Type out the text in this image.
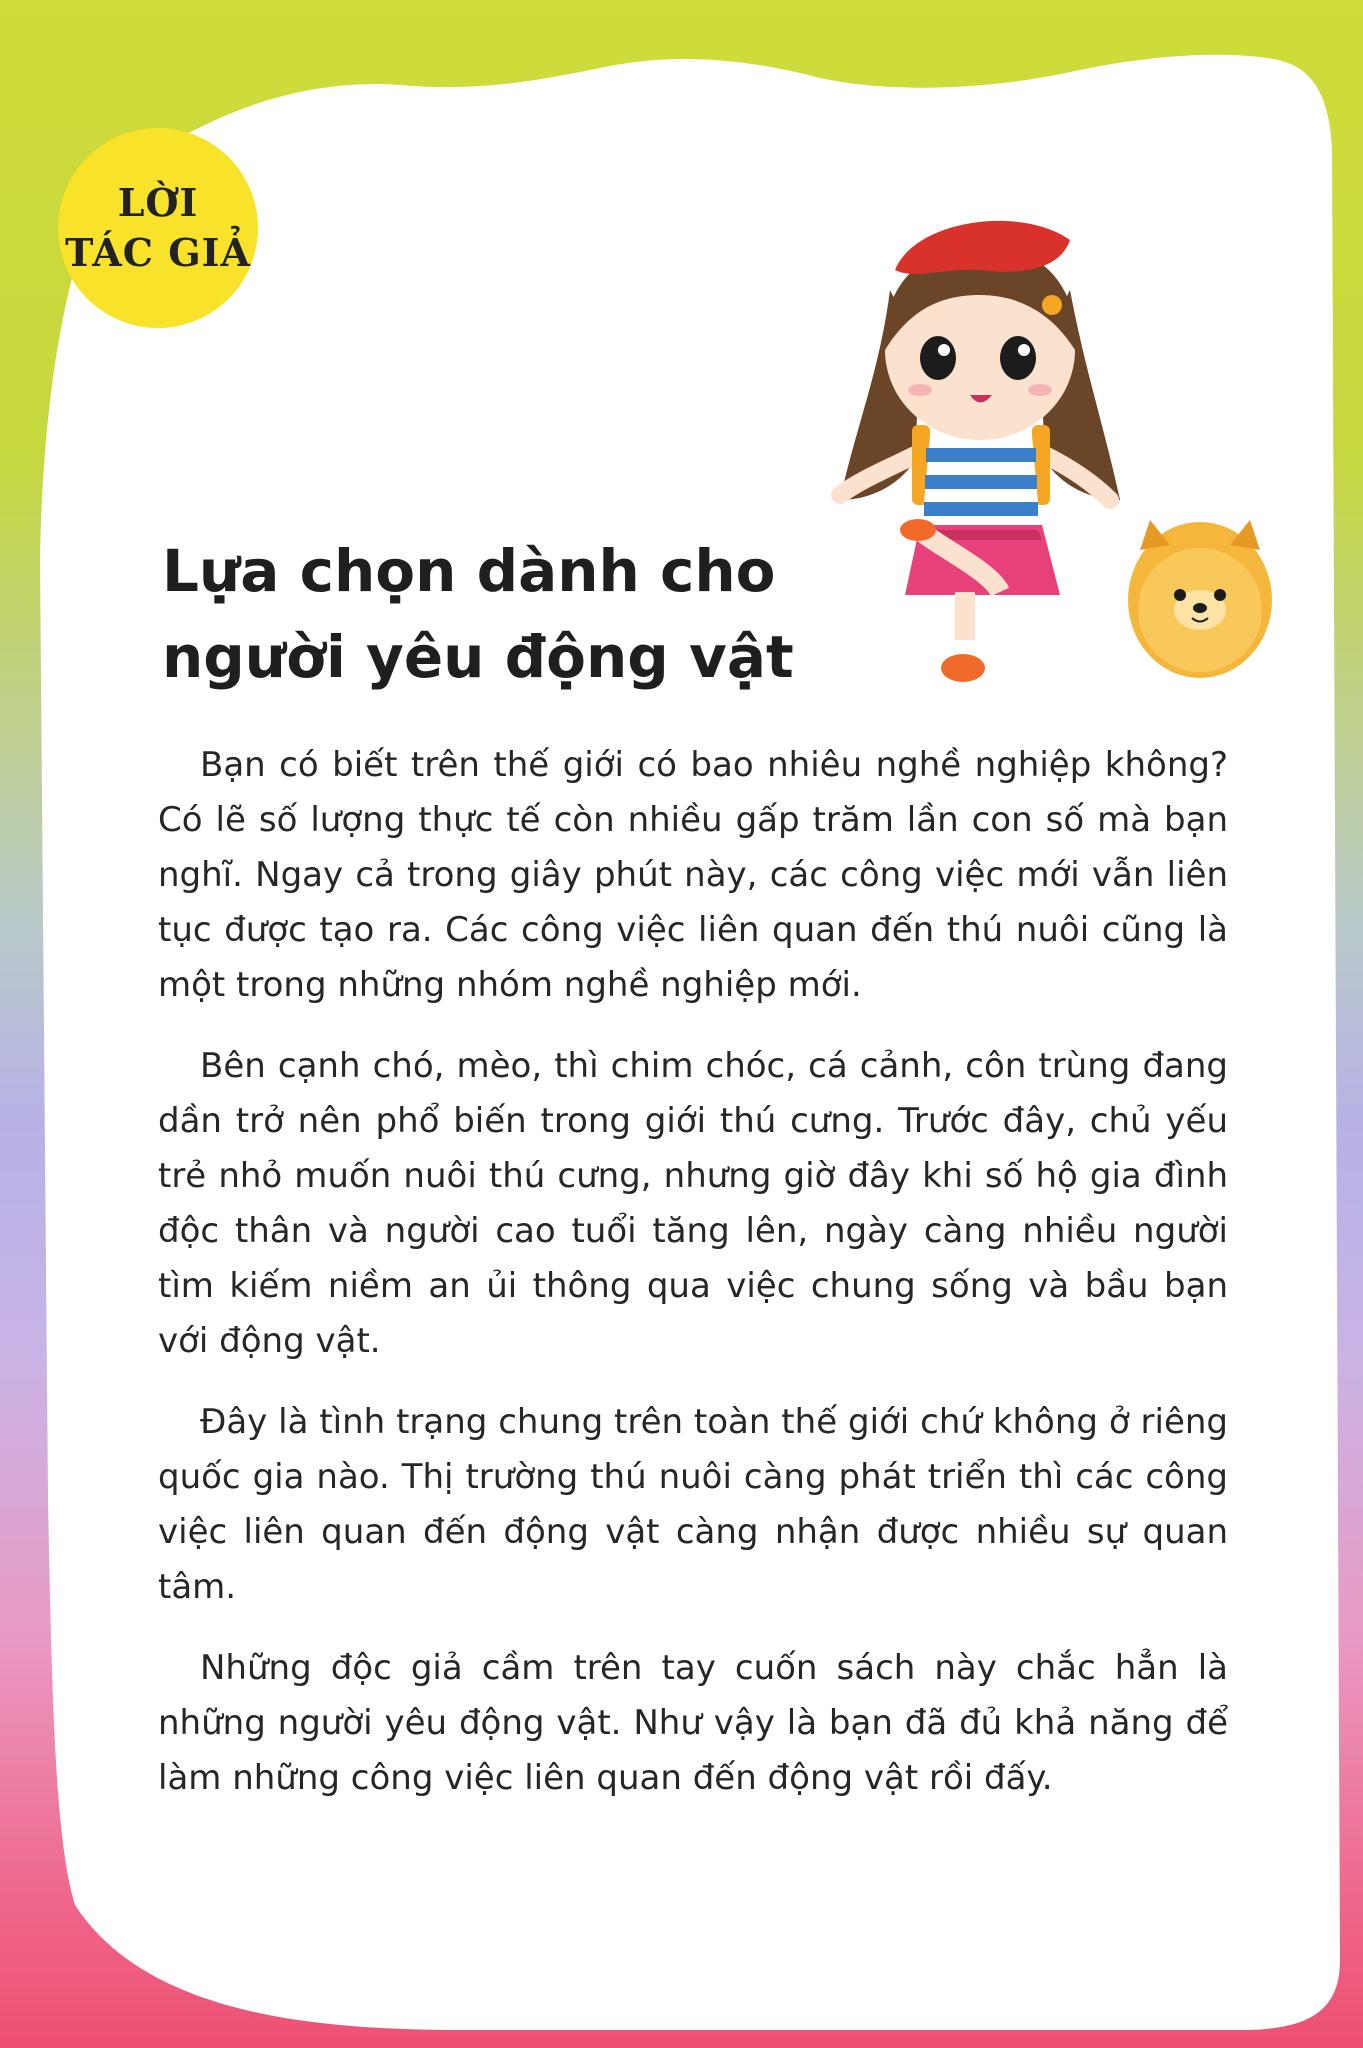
LỜI
TÁC GIẢ
Lựa chọn dành cho
người yêu động vật

Bạn có biết trên thế giới có bao nhiêu nghề nghiệp không? Có lẽ số lượng thực tế còn nhiều gấp trăm lần con số mà bạn nghĩ. Ngay cả trong giây phút này, các công việc mới vẫn liên tục được tạo ra. Các công việc liên quan đến thú nuôi cũng là một trong những nhóm nghề nghiệp mới.

Bên cạnh chó, mèo, thì chim chóc, cá cảnh, côn trùng đang dần trở nên phổ biến trong giới thú cưng. Trước đây, chủ yếu trẻ nhỏ muốn nuôi thú cưng, nhưng giờ đây khi số hộ gia đình độc thân và người cao tuổi tăng lên, ngày càng nhiều người tìm kiếm niềm an ủi thông qua việc chung sống và bầu bạn với động vật.

Đây là tình trạng chung trên toàn thế giới chứ không ở riêng quốc gia nào. Thị trường thú nuôi càng phát triển thì các công việc liên quan đến động vật càng nhận được nhiều sự quan tâm.

Những độc giả cầm trên tay cuốn sách này chắc hẳn là những người yêu động vật. Như vậy là bạn đã đủ khả năng để làm những công việc liên quan đến động vật rồi đấy.
